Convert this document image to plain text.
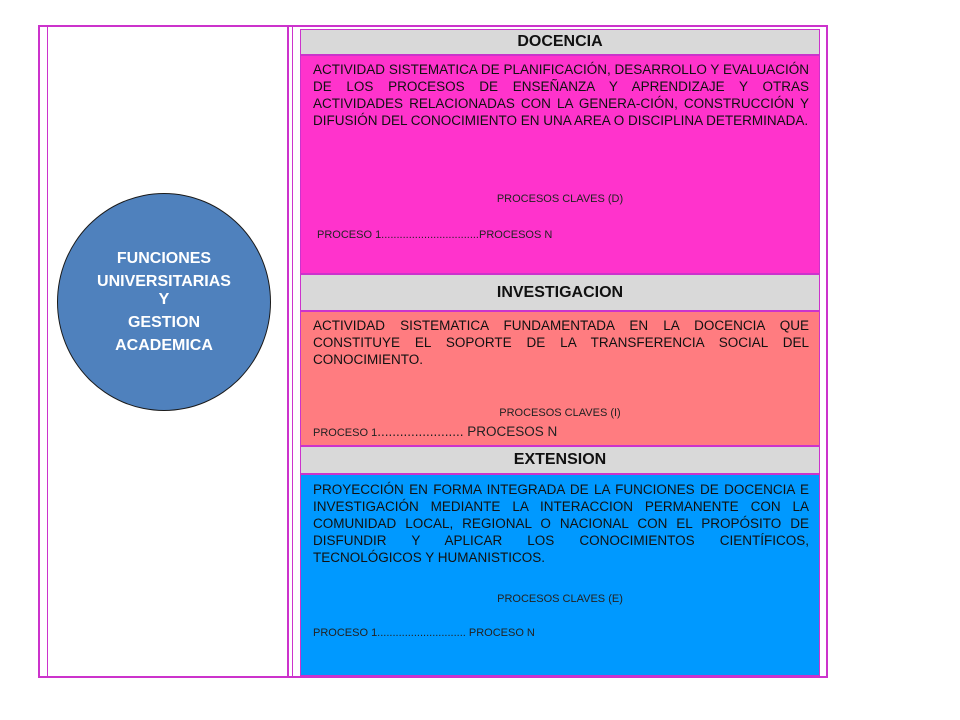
FUNCIONES
UNIVERSITARIAS
Y
GESTION
ACADEMICA
DOCENCIA

ACTIVIDAD SISTEMATICA DE PLANIFICACIÓN, DESARROLLO Y EVALUACIÓN DE LOS PROCESOS DE ENSEÑANZA Y APRENDIZAJE Y OTRAS ACTIVIDADES RELACIONADAS CON LA GENERA-CIÓN, CONSTRUCCIÓN Y DIFUSIÓN DEL CONOCIMIENTO EN UNA AREA O DISCIPLINA DETERMINADA.

PROCESOS CLAVES (D)
PROCESO 1................................PROCESOS N
INVESTIGACION

ACTIVIDAD SISTEMATICA FUNDAMENTADA EN LA DOCENCIA QUE CONSTITUYE EL SOPORTE DE LA TRANSFERENCIA SOCIAL DEL CONOCIMIENTO.

PROCESOS CLAVES (I)
PROCESO 1....................... PROCESOS N
EXTENSION

PROYECCIÓN EN FORMA INTEGRADA DE LA FUNCIONES DE DOCENCIA E INVESTIGACIÓN MEDIANTE LA INTERACCION PERMANENTE CON LA COMUNIDAD LOCAL, REGIONAL O NACIONAL CON EL PROPÓSITO DE DISFUNDIR Y APLICAR LOS CONOCIMIENTOS CIENTÍFICOS, TECNOLÓGICOS Y HUMANISTICOS.

PROCESOS CLAVES (E)
PROCESO 1............................. PROCESO N
